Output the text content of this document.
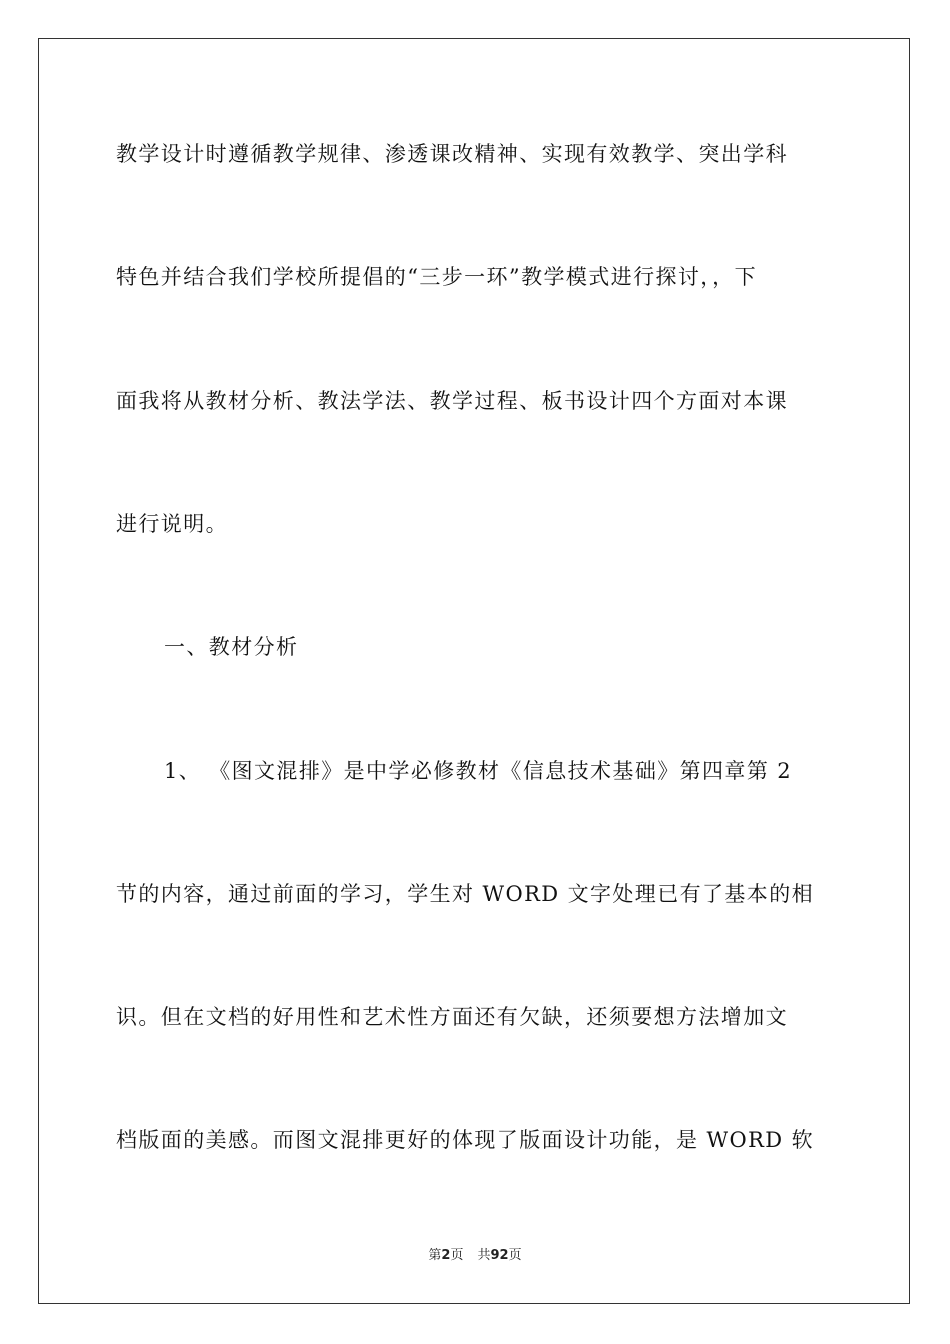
教学设计时遵循教学规律、渗透课改精神、实现有效教学、突出学科
特色并结合我们学校所提倡的“三步一环”教学模式进行探讨，，下
面我将从教材分析、教法学法、教学过程、板书设计四个方面对本课
进行说明。
一、教材分析
1、 《图文混排》是中学必修教材《信息技术基础》第四章第 2
节的内容，通过前面的学习，学生对 WORD 文字处理已有了基本的相
识。但在文档的好用性和艺术性方面还有欠缺，还须要想方法增加文
档版面的美感。而图文混排更好的体现了版面设计功能，是 WORD 软
第2页 共92页
